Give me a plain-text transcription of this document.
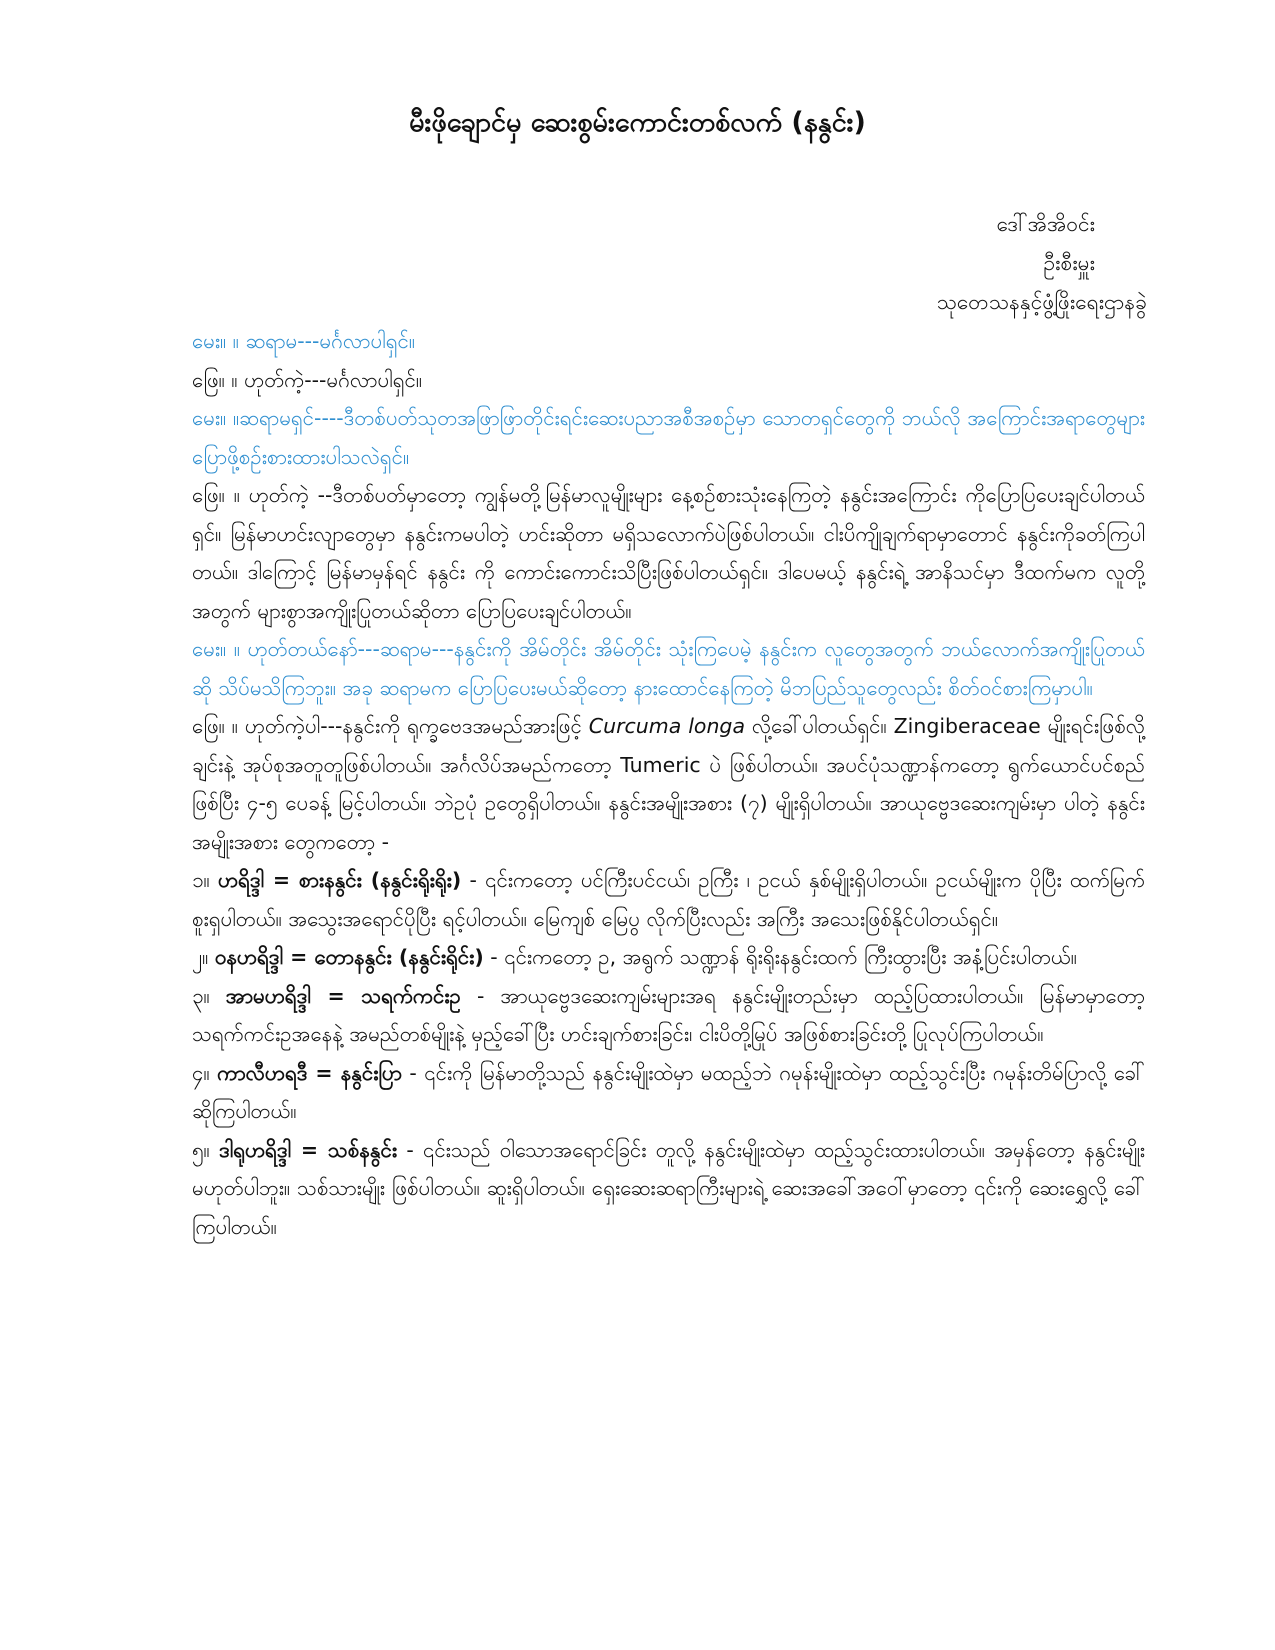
မီးဖိုချောင်မှ ဆေးစွမ်းကောင်းတစ်လက် (နနွင်း)
ဒေါ်အိအိဝင်း
ဦးစီးမှူး
သုတေသနနှင့်ဖွံ့ဖြိုးရေးဌာနခွဲ

မေး။ ။ ဆရာမ---မင်္ဂလာပါရှင်။

ဖြေ။ ။ ဟုတ်ကဲ့---မင်္ဂလာပါရှင်။

မေး။ ။ဆရာမရှင်----ဒီတစ်ပတ်သုတအဖြာဖြာတိုင်းရင်းဆေးပညာအစီအစဉ်မှာ သောတရှင်တွေကို ဘယ်လို အကြောင်းအရာတွေများ ပြောဖို့စဉ်းစားထားပါသလဲရှင်။

ဖြေ။ ။ ဟုတ်ကဲ့ --ဒီတစ်ပတ်မှာတော့ ကျွန်မတို့မြန်မာလူမျိုးများ နေ့စဉ်စားသုံးနေကြတဲ့ နနွင်းအကြောင်း ကိုပြောပြပေးချင်ပါတယ်ရှင်။ မြန်မာဟင်းလျာတွေမှာ နနွင်းကမပါတဲ့ ဟင်းဆိုတာ မရှိသလောက်ပဲဖြစ်ပါတယ်။ ငါးပိကျိုချက်ရာမှာတောင် နနွင်းကိုခတ်ကြပါတယ်။ ဒါကြောင့် မြန်မာမှန်ရင် နနွင်း ကို ကောင်းကောင်းသိပြီးဖြစ်ပါတယ်ရှင်။ ဒါပေမယ့် နနွင်းရဲ့ အာနိသင်မှာ ဒီထက်မက လူတို့အတွက် များစွာအကျိုးပြုတယ်ဆိုတာ ပြောပြပေးချင်ပါတယ်။

မေး။ ။ ဟုတ်တယ်နော်---ဆရာမ---နနွင်းကို အိမ်တိုင်း အိမ်တိုင်း သုံးကြပေမဲ့ နနွင်းက လူတွေအတွက် ဘယ်လောက်အကျိုးပြုတယ်ဆို သိပ်မသိကြဘူး။ အခု ဆရာမက ပြောပြပေးမယ်ဆိုတော့ နားထောင်နေကြတဲ့ မိဘပြည်သူတွေလည်း စိတ်ဝင်စားကြမှာပါ။

ဖြေ။ ။ ဟုတ်ကဲ့ပါ---နနွင်းကို ရုက္ခဗေဒအမည်အားဖြင့် Curcuma longa လို့ခေါ်ပါတယ်ရှင်။ Zingiberaceae မျိုးရင်းဖြစ်လို့ ချင်းနဲ့ အုပ်စုအတူတူဖြစ်ပါတယ်။ အင်္ဂလိပ်အမည်ကတော့ Tumeric ပဲ ဖြစ်ပါတယ်။ အပင်ပုံသဏ္ဍာန်ကတော့ ရွက်ယောင်ပင်စည်ဖြစ်ပြီး ၄-၅ ပေခန့် မြင့်ပါတယ်။ ဘဲဥပုံ ဥတွေရှိပါတယ်။ နနွင်းအမျိုးအစား (၇) မျိုးရှိပါတယ်။ အာယုဗ္ဗေဒဆေးကျမ်းမှာ ပါတဲ့ နနွင်းအမျိုးအစား တွေကတော့ -

၁။ ဟရိဒ္ဒါ = စားနနွင်း (နနွင်းရိုးရိုး) - ၎င်းကတော့ ပင်ကြီးပင်ငယ်၊ ဥကြီး ၊ ဥငယ် နှစ်မျိုးရှိပါတယ်။ ဥငယ်မျိုးက ပိုပြီး ထက်မြက်စူးရှပါတယ်။ အသွေးအရောင်ပိုပြီး ရင့်ပါတယ်။ မြေကျစ် မြေပွ လိုက်ပြီးလည်း အကြီး အသေးဖြစ်နိုင်ပါတယ်ရှင်။

၂။ ဝနဟရိဒ္ဒါ = တောနနွင်း (နနွင်းရိုင်း) - ၎င်းကတော့ ဥ, အရွက် သဏ္ဍာန် ရိုးရိုးနနွင်းထက် ကြီးထွားပြီး အနံ့ပြင်းပါတယ်။

၃။ အာမဟရိဒ္ဒါ = သရက်ကင်းဥ - အာယုဗ္ဗေဒဆေးကျမ်းများအရ နနွင်းမျိုးတည်းမှာ ထည့်ပြထားပါတယ်။ မြန်မာမှာတော့ သရက်ကင်းဥအနေနဲ့ အမည်တစ်မျိုးနဲ့ မှည့်ခေါ်ပြီး ဟင်းချက်စားခြင်း၊ ငါးပိတို့မြုပ် အဖြစ်စားခြင်းတို့ ပြုလုပ်ကြပါတယ်။

၄။ ကာလီဟရဒီ = နနွင်းပြာ - ၎င်းကို မြန်မာတို့သည် နနွင်းမျိုးထဲမှာ မထည့်ဘဲ ဂမုန်းမျိုးထဲမှာ ထည့်သွင်းပြီး ဂမုန်းတိမ်ပြာလို့ ခေါ်ဆိုကြပါတယ်။

၅။ ဒါရုဟရိဒ္ဒါ = သစ်နနွင်း - ၎င်းသည် ဝါသောအရောင်ခြင်း တူလို့ နနွင်းမျိုးထဲမှာ ထည့်သွင်းထားပါတယ်။ အမှန်တော့ နနွင်းမျိုး မဟုတ်ပါဘူး။ သစ်သားမျိုး ဖြစ်ပါတယ်။ ဆူးရှိပါတယ်။ ရှေးဆေးဆရာကြီးများရဲ့ ဆေးအခေါ်အဝေါ်မှာတော့ ၎င်းကို ဆေးရွှေလို့ ခေါ်ကြပါတယ်။
